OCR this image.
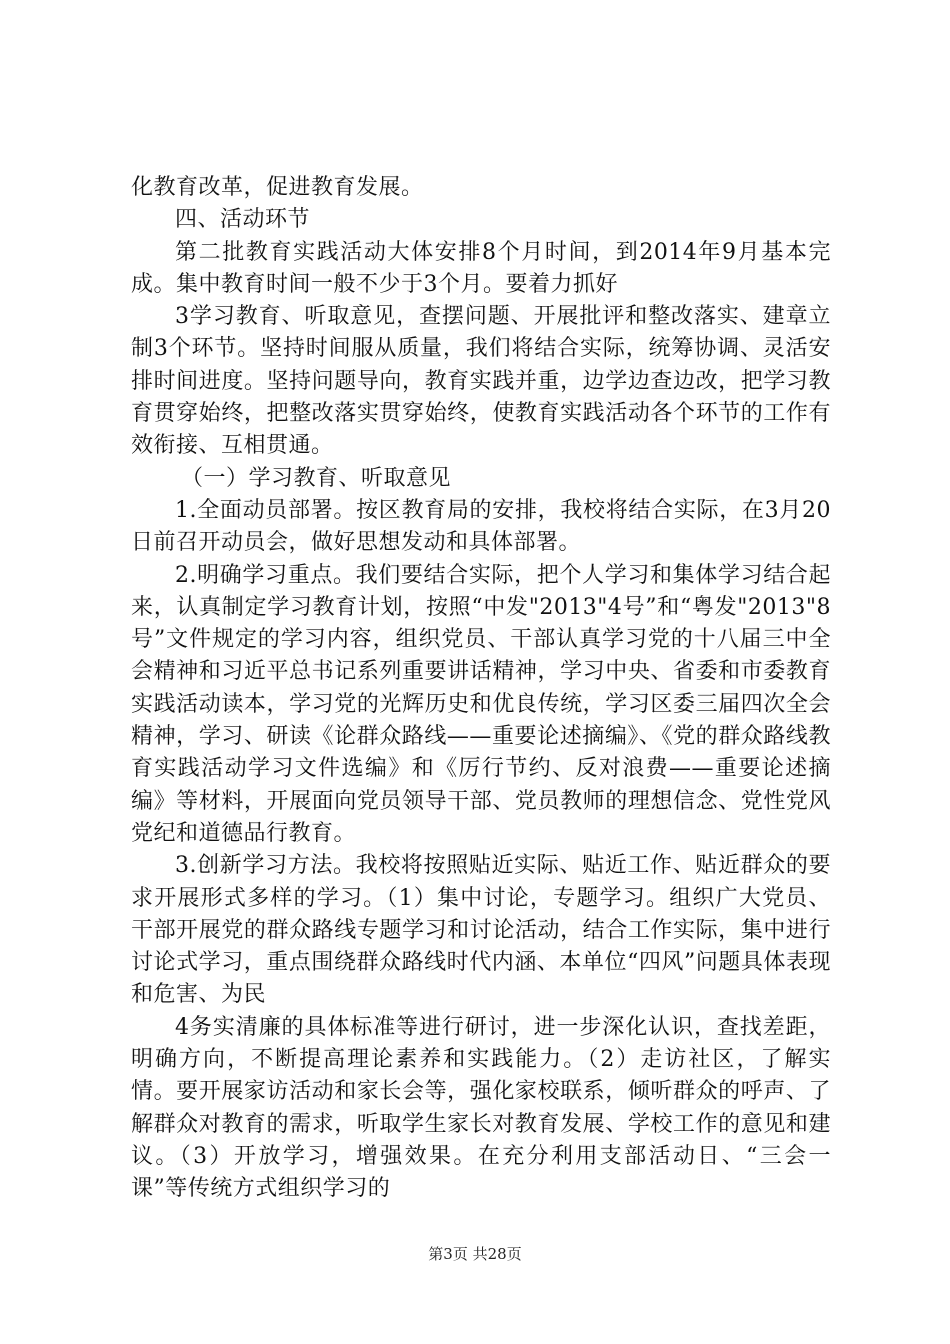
化教育改革，促进教育发展。

四、活动环节

第二批教育实践活动大体安排8个月时间，到2014年9月基本完成。集中教育时间一般不少于3个月。要着力抓好

3学习教育、听取意见，查摆问题、开展批评和整改落实、建章立制3个环节。坚持时间服从质量，我们将结合实际，统筹协调、灵活安排时间进度。坚持问题导向，教育实践并重，边学边查边改，把学习教育贯穿始终，把整改落实贯穿始终，使教育实践活动各个环节的工作有效衔接、互相贯通。

（一）学习教育、听取意见

1.全面动员部署。按区教育局的安排，我校将结合实际，在3月20日前召开动员会，做好思想发动和具体部署。

2.明确学习重点。我们要结合实际，把个人学习和集体学习结合起来，认真制定学习教育计划，按照“中发"2013"4号”和“粤发"2013"8号”文件规定的学习内容，组织党员、干部认真学习党的十八届三中全会精神和习近平总书记系列重要讲话精神，学习中央、省委和市委教育实践活动读本，学习党的光辉历史和优良传统，学习区委三届四次全会精神，学习、研读《论群众路线——重要论述摘编》、《党的群众路线教育实践活动学习文件选编》和《厉行节约、反对浪费——重要论述摘编》等材料，开展面向党员领导干部、党员教师的理想信念、党性党风党纪和道德品行教育。

3.创新学习方法。我校将按照贴近实际、贴近工作、贴近群众的要求开展形式多样的学习。（1）集中讨论，专题学习。组织广大党员、干部开展党的群众路线专题学习和讨论活动，结合工作实际，集中进行讨论式学习，重点围绕群众路线时代内涵、本单位“四风”问题具体表现和危害、为民

4务实清廉的具体标准等进行研讨，进一步深化认识，查找差距，明确方向，不断提高理论素养和实践能力。（2）走访社区，了解实情。要开展家访活动和家长会等，强化家校联系，倾听群众的呼声、了解群众对教育的需求，听取学生家长对教育发展、学校工作的意见和建议。（3）开放学习，增强效果。在充分利用支部活动日、“三会一课”等传统方式组织学习的

第3页 共28页
